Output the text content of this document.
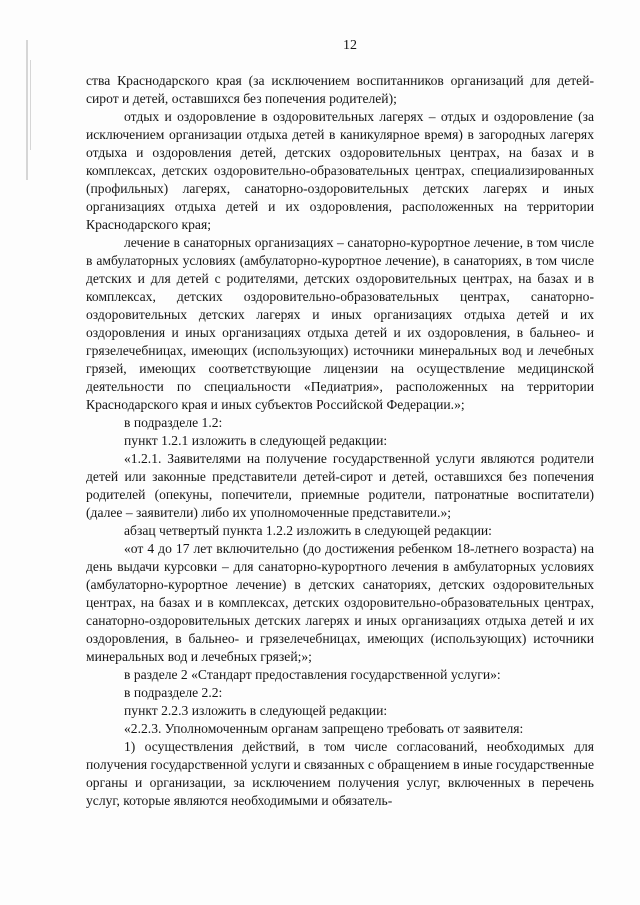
12

ства Краснодарского края (за исключением воспитанников организаций для детей-сирот и детей, оставшихся без попечения родителей);

отдых и оздоровление в оздоровительных лагерях – отдых и оздоровление (за исключением организации отдыха детей в каникулярное время) в загородных лагерях отдыха и оздоровления детей, детских оздоровительных центрах, на базах и в комплексах, детских оздоровительно-образовательных центрах, специализированных (профильных) лагерях, санаторно-оздоровительных детских лагерях и иных организациях отдыха детей и их оздоровления, расположенных на территории Краснодарского края;

лечение в санаторных организациях – санаторно-курортное лечение, в том числе в амбулаторных условиях (амбулаторно-курортное лечение), в санаториях, в том числе детских и для детей с родителями, детских оздоровительных центрах, на базах и в комплексах, детских оздоровительно-образовательных центрах, санаторно-оздоровительных детских лагерях и иных организациях отдыха детей и их оздоровления и иных организациях отдыха детей и их оздоровления, в бальнео- и грязелечебницах, имеющих (использующих) источники минеральных вод и лечебных грязей, имеющих соответствующие лицензии на осуществление медицинской деятельности по специальности «Педиатрия», расположенных на территории Краснодарского края и иных субъектов Российской Федерации.»;

в подразделе 1.2:

пункт 1.2.1 изложить в следующей редакции:

«1.2.1. Заявителями на получение государственной услуги являются родители детей или законные представители детей-сирот и детей, оставшихся без попечения родителей (опекуны, попечители, приемные родители, патронатные воспитатели) (далее – заявители) либо их уполномоченные представители.»;

абзац четвертый пункта 1.2.2 изложить в следующей редакции:

«от 4 до 17 лет включительно (до достижения ребенком 18-летнего возраста) на день выдачи курсовки – для санаторно-курортного лечения в амбулаторных условиях (амбулаторно-курортное лечение) в детских санаториях, детских оздоровительных центрах, на базах и в комплексах, детских оздоровительно-образовательных центрах, санаторно-оздоровительных детских лагерях и иных организациях отдыха детей и их оздоровления, в бальнео- и грязелечебницах, имеющих (использующих) источники минеральных вод и лечебных грязей;»;

в разделе 2 «Стандарт предоставления государственной услуги»:

в подразделе 2.2:

пункт 2.2.3 изложить в следующей редакции:

«2.2.3. Уполномоченным органам запрещено требовать от заявителя:

1) осуществления действий, в том числе согласований, необходимых для получения государственной услуги и связанных с обращением в иные государственные органы и организации, за исключением получения услуг, включенных в перечень услуг, которые являются необходимыми и обязатель-
